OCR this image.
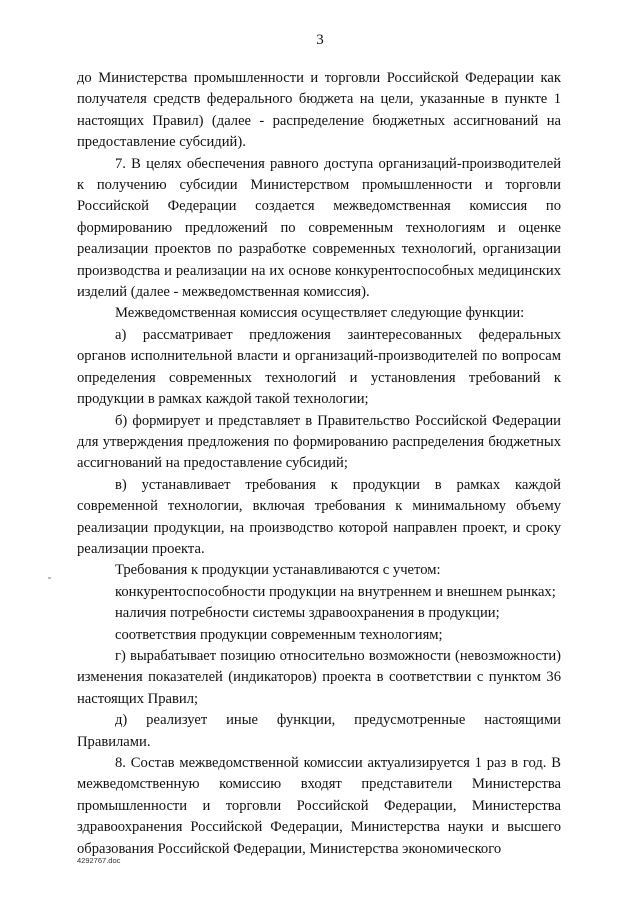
3

до Министерства промышленности и торговли Российской Федерации как получателя средств федерального бюджета на цели, указанные в пункте 1 настоящих Правил) (далее - распределение бюджетных ассигнований на предоставление субсидий).

7. В целях обеспечения равного доступа организаций-производителей к получению субсидии Министерством промышленности и торговли Российской Федерации создается межведомственная комиссия по формированию предложений по современным технологиям и оценке реализации проектов по разработке современных технологий, организации производства и реализации на их основе конкурентоспособных медицинских изделий (далее - межведомственная комиссия).

Межведомственная комиссия осуществляет следующие функции:

а) рассматривает предложения заинтересованных федеральных органов исполнительной власти и организаций-производителей по вопросам определения современных технологий и установления требований к продукции в рамках каждой такой технологии;

б) формирует и представляет в Правительство Российской Федерации для утверждения предложения по формированию распределения бюджетных ассигнований на предоставление субсидий;

в) устанавливает требования к продукции в рамках каждой современной технологии, включая требования к минимальному объему реализации продукции, на производство которой направлен проект, и сроку реализации проекта.

Требования к продукции устанавливаются с учетом:

конкурентоспособности продукции на внутреннем и внешнем рынках;

наличия потребности системы здравоохранения в продукции;

соответствия продукции современным технологиям;

г) вырабатывает позицию относительно возможности (невозможности) изменения показателей (индикаторов) проекта в соответствии с пунктом 36 настоящих Правил;

д) реализует иные функции, предусмотренные настоящими Правилами.

8. Состав межведомственной комиссии актуализируется 1 раз в год. В межведомственную комиссию входят представители Министерства промышленности и торговли Российской Федерации, Министерства здравоохранения Российской Федерации, Министерства науки и высшего образования Российской Федерации, Министерства экономического

4292767.doc
